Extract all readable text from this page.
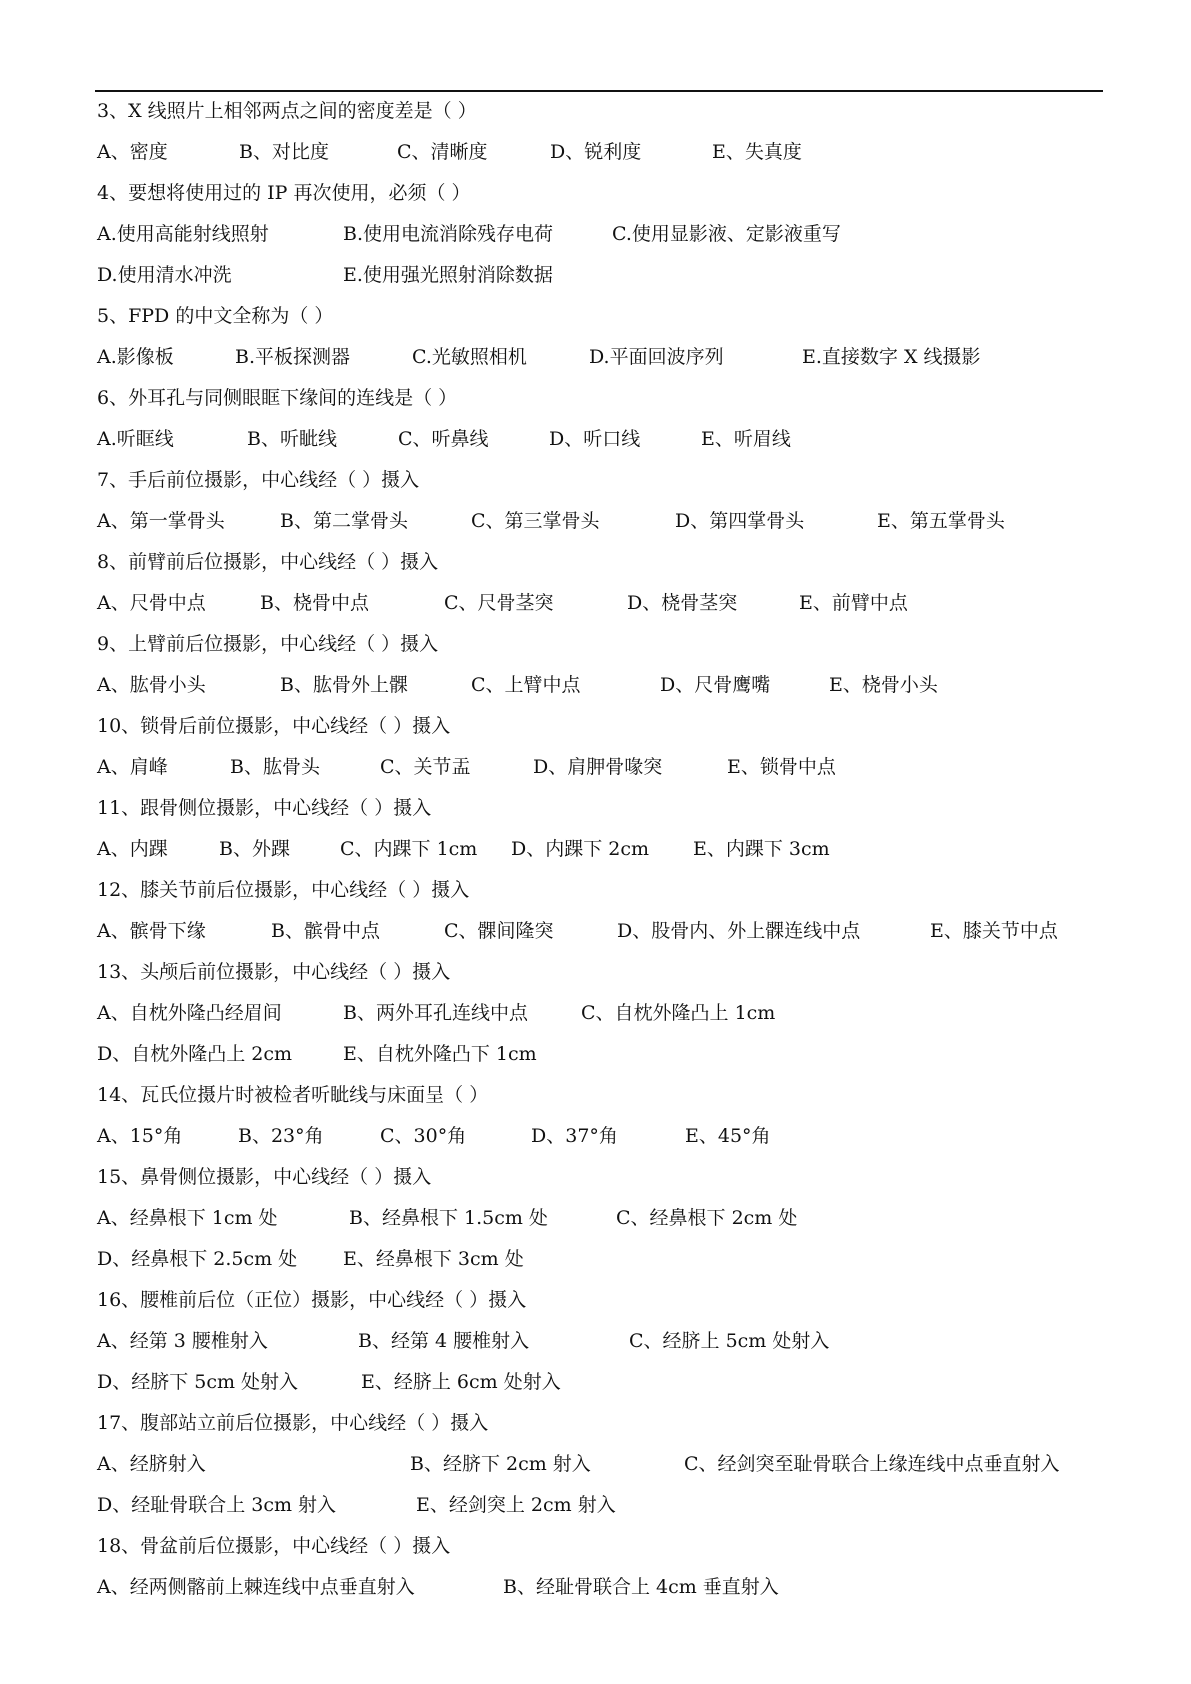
3、X 线照片上相邻两点之间的密度差是（ ）
A、密度	B、对比度	C、清晰度	D、锐利度	E、失真度
4、要想将使用过的 IP 再次使用，必须（ ）
A.使用高能射线照射	B.使用电流消除残存电荷	C.使用显影液、定影液重写
D.使用清水冲洗	E.使用强光照射消除数据
5、FPD 的中文全称为（ ）
A.影像板	B.平板探测器	C.光敏照相机	D.平面回波序列	E.直接数字 X 线摄影
6、外耳孔与同侧眼眶下缘间的连线是（ ）
A.听眶线	B、听眦线	C、听鼻线	D、听口线	E、听眉线
7、手后前位摄影，中心线经（ ）摄入
A、第一掌骨头	B、第二掌骨头	C、第三掌骨头	D、第四掌骨头	E、第五掌骨头
8、前臂前后位摄影，中心线经（ ）摄入
A、尺骨中点	B、桡骨中点	C、尺骨茎突	D、桡骨茎突	E、前臂中点
9、上臂前后位摄影，中心线经（ ）摄入
A、肱骨小头	B、肱骨外上髁	C、上臂中点	D、尺骨鹰嘴	E、桡骨小头
10、锁骨后前位摄影，中心线经（ ）摄入
A、肩峰	B、肱骨头	C、关节盂	D、肩胛骨喙突	E、锁骨中点
11、跟骨侧位摄影，中心线经（ ）摄入
A、内踝	B、外踝	C、内踝下 1cm D、内踝下 2cm E、内踝下 3cm
12、膝关节前后位摄影，中心线经（ ）摄入
A、髌骨下缘	B、髌骨中点	C、髁间隆突	D、股骨内、外上髁连线中点	E、膝关节中点
13、头颅后前位摄影，中心线经（ ）摄入
A、自枕外隆凸经眉间	B、两外耳孔连线中点	C、自枕外隆凸上 1cm
D、自枕外隆凸上 2cm	E、自枕外隆凸下 1cm
14、瓦氏位摄片时被检者听眦线与床面呈（ ）
A、15°角	B、23°角	C、30°角	D、37°角	E、45°角
15、鼻骨侧位摄影，中心线经（ ）摄入
A、经鼻根下 1cm 处	B、经鼻根下 1.5cm 处	C、经鼻根下 2cm 处
D、经鼻根下 2.5cm 处 E、经鼻根下 3cm 处
16、腰椎前后位（正位）摄影，中心线经（ ）摄入
A、经第 3 腰椎射入	B、经第 4 腰椎射入	C、经脐上 5cm 处射入
D、经脐下 5cm 处射入	E、经脐上 6cm 处射入
17、腹部站立前后位摄影，中心线经（ ）摄入
A、经脐射入	B、经脐下 2cm 射入	C、经剑突至耻骨联合上缘连线中点垂直射入
D、经耻骨联合上 3cm 射入	E、经剑突上 2cm 射入
18、骨盆前后位摄影，中心线经（ ）摄入
A、经两侧髂前上棘连线中点垂直射入	B、经耻骨联合上 4cm 垂直射入
